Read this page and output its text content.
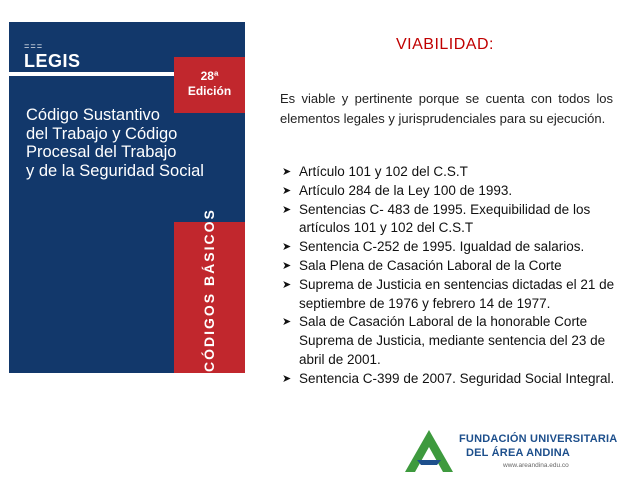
===
LEGIS
28ª
Edición
Código Sustantivo
del Trabajo y Código
Procesal del Trabajo
y de la Seguridad Social
CÓDIGOS BÁSICOS
VIABILIDAD:
Es viable y pertinente porque se cuenta con todos los elementos legales y jurisprudenciales para su ejecución.
➤ Artículo 101 y 102 del C.S.T
➤ Artículo 284 de la Ley 100 de 1993.
➤ Sentencias C- 483 de 1995. Exequibilidad de los artículos 101 y 102 del C.S.T
➤ Sentencia C-252 de 1995. Igualdad de salarios.
➤ Sala Plena de Casación Laboral de la Corte
➤ Suprema de Justicia en sentencias dictadas el 21 de septiembre de 1976 y febrero 14 de 1977.
➤ Sala de Casación Laboral de la honorable Corte Suprema de Justicia, mediante sentencia del 23 de abril de 2001.
➤ Sentencia C-399 de 2007. Seguridad Social Integral.
FUNDACIÓN UNIVERSITARIA
DEL ÁREA ANDINA
www.areandina.edu.co
